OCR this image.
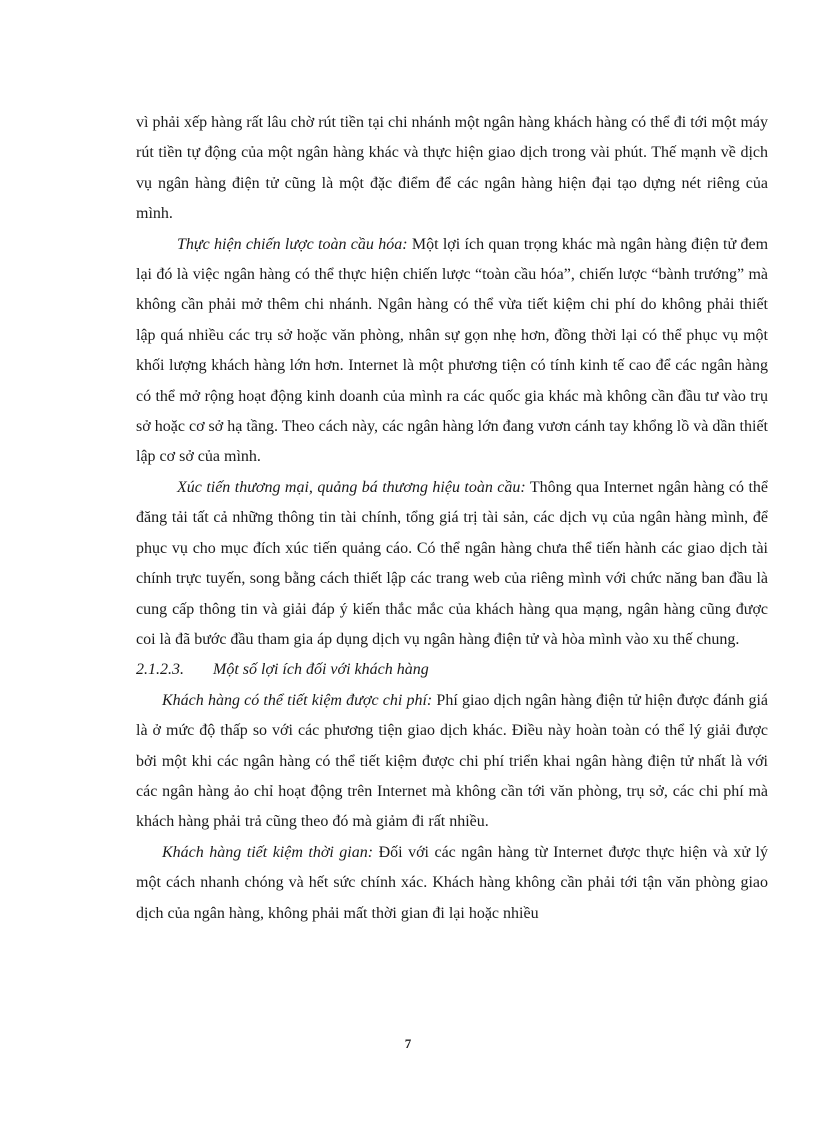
vì phải xếp hàng rất lâu chờ rút tiền tại chi nhánh một ngân hàng khách hàng có thể đi tới một máy rút tiền tự động của một ngân hàng khác và thực hiện giao dịch trong vài phút. Thế mạnh về dịch vụ ngân hàng điện tử cũng là một đặc điểm để các ngân hàng hiện đại tạo dựng nét riêng của mình.

Thực hiện chiến lược toàn cầu hóa: Một lợi ích quan trọng khác mà ngân hàng điện tử đem lại đó là việc ngân hàng có thể thực hiện chiến lược “toàn cầu hóa”, chiến lược “bành trướng” mà không cần phải mở thêm chi nhánh. Ngân hàng có thể vừa tiết kiệm chi phí do không phải thiết lập quá nhiều các trụ sở hoặc văn phòng, nhân sự gọn nhẹ hơn, đồng thời lại có thể phục vụ một khối lượng khách hàng lớn hơn. Internet là một phương tiện có tính kinh tế cao để các ngân hàng có thể mở rộng hoạt động kinh doanh của mình ra các quốc gia khác mà không cần đầu tư vào trụ sở hoặc cơ sở hạ tầng. Theo cách này, các ngân hàng lớn đang vươn cánh tay khổng lồ và dần thiết lập cơ sở của mình.

Xúc tiến thương mại, quảng bá thương hiệu toàn cầu: Thông qua Internet ngân hàng có thể đăng tải tất cả những thông tin tài chính, tổng giá trị tài sản, các dịch vụ của ngân hàng mình, để phục vụ cho mục đích xúc tiến quảng cáo. Có thể ngân hàng chưa thể tiến hành các giao dịch tài chính trực tuyến, song bằng cách thiết lập các trang web của riêng mình với chức năng ban đầu là cung cấp thông tin và giải đáp ý kiến thắc mắc của khách hàng qua mạng, ngân hàng cũng được coi là đã bước đầu tham gia áp dụng dịch vụ ngân hàng điện tử và hòa mình vào xu thế chung.

2.1.2.3. Một số lợi ích đối với khách hàng

Khách hàng có thể tiết kiệm được chi phí: Phí giao dịch ngân hàng điện tử hiện được đánh giá là ở mức độ thấp so với các phương tiện giao dịch khác. Điều này hoàn toàn có thể lý giải được bởi một khi các ngân hàng có thể tiết kiệm được chi phí triển khai ngân hàng điện tử nhất là với các ngân hàng ảo chỉ hoạt động trên Internet mà không cần tới văn phòng, trụ sở, các chi phí mà khách hàng phải trả cũng theo đó mà giảm đi rất nhiều.

Khách hàng tiết kiệm thời gian: Đối với các ngân hàng từ Internet được thực hiện và xử lý một cách nhanh chóng và hết sức chính xác. Khách hàng không cần phải tới tận văn phòng giao dịch của ngân hàng, không phải mất thời gian đi lại hoặc nhiều

7
